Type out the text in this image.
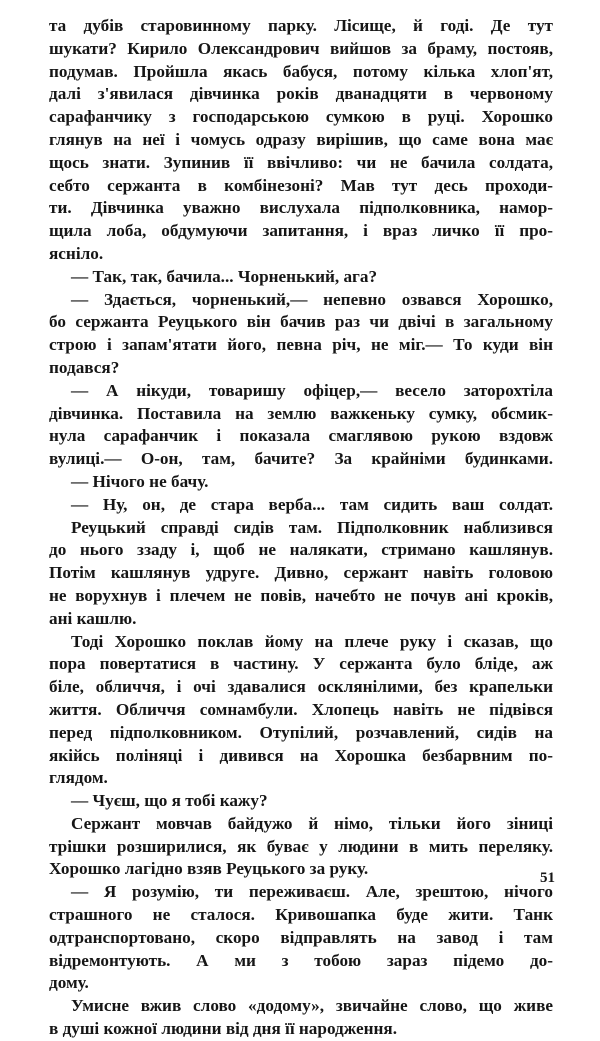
та дубів старовинному парку. Лісище, й годі. Де тут
шукати? Кирило Олександрович вийшов за браму, постояв,
подумав. Пройшла якась бабуся, потому кілька хлоп'ят,
далі з'явилася дівчинка років дванадцяти в червоному
сарафанчику з господарською сумкою в руці. Хорошко
глянув на неї і чомусь одразу вирішив, що саме вона має
щось знати. Зупинив її ввічливо: чи не бачила солдата,
себто сержанта в комбінезоні? Мав тут десь проходи-
ти. Дівчинка уважно вислухала підполковника, намор-
щила лоба, обдумуючи запитання, і враз личко її про-
ясніло.
— Так, так, бачила... Чорненький, ага?
— Здається, чорненький,— непевно озвався Хорошко,
бо сержанта Реуцького він бачив раз чи двічі в загальному
строю і запам'ятати його, певна річ, не міг.— То куди він
подався?
— А нікуди, товаришу офіцер,— весело заторохтіла
дівчинка. Поставила на землю важкеньку сумку, обсмик-
нула сарафанчик і показала смаглявою рукою вздовж
вулиці.— О-он, там, бачите? За крайніми будинками.
— Нічого не бачу.
— Ну, он, де стара верба... там сидить ваш солдат.
Реуцький справді сидів там. Підполковник наблизився
до нього ззаду і, щоб не налякати, стримано кашлянув.
Потім кашлянув удруге. Дивно, сержант навіть головою
не ворухнув і плечем не повів, начебто не почув ані кроків,
ані кашлю.
Тоді Хорошко поклав йому на плече руку і сказав, що
пора повертатися в частину. У сержанта було бліде, аж
біле, обличчя, і очі здавалися осклянілими, без крапельки
життя. Обличчя сомнамбули. Хлопець навіть не підвівся
перед підполковником. Отупілий, розчавлений, сидів на
якійсь поліняці і дивився на Хорошка безбарвним по-
глядом.
— Чуєш, що я тобі кажу?
Сержант мовчав байдужо й німо, тільки його зіниці
трішки розширилися, як буває у людини в мить переляку.
Хорошко лагідно взяв Реуцького за руку.
— Я розумію, ти переживаєш. Але, зрештою, нічого
страшного не сталося. Кривошапка буде жити. Танк
одтранспортовано, скоро відправлять на завод і там
відремонтують. А ми з тобою зараз підемо до-
дому.
Умисне вжив слово «додому», звичайне слово, що живе
в душі кожної людини від дня її народження.
51
